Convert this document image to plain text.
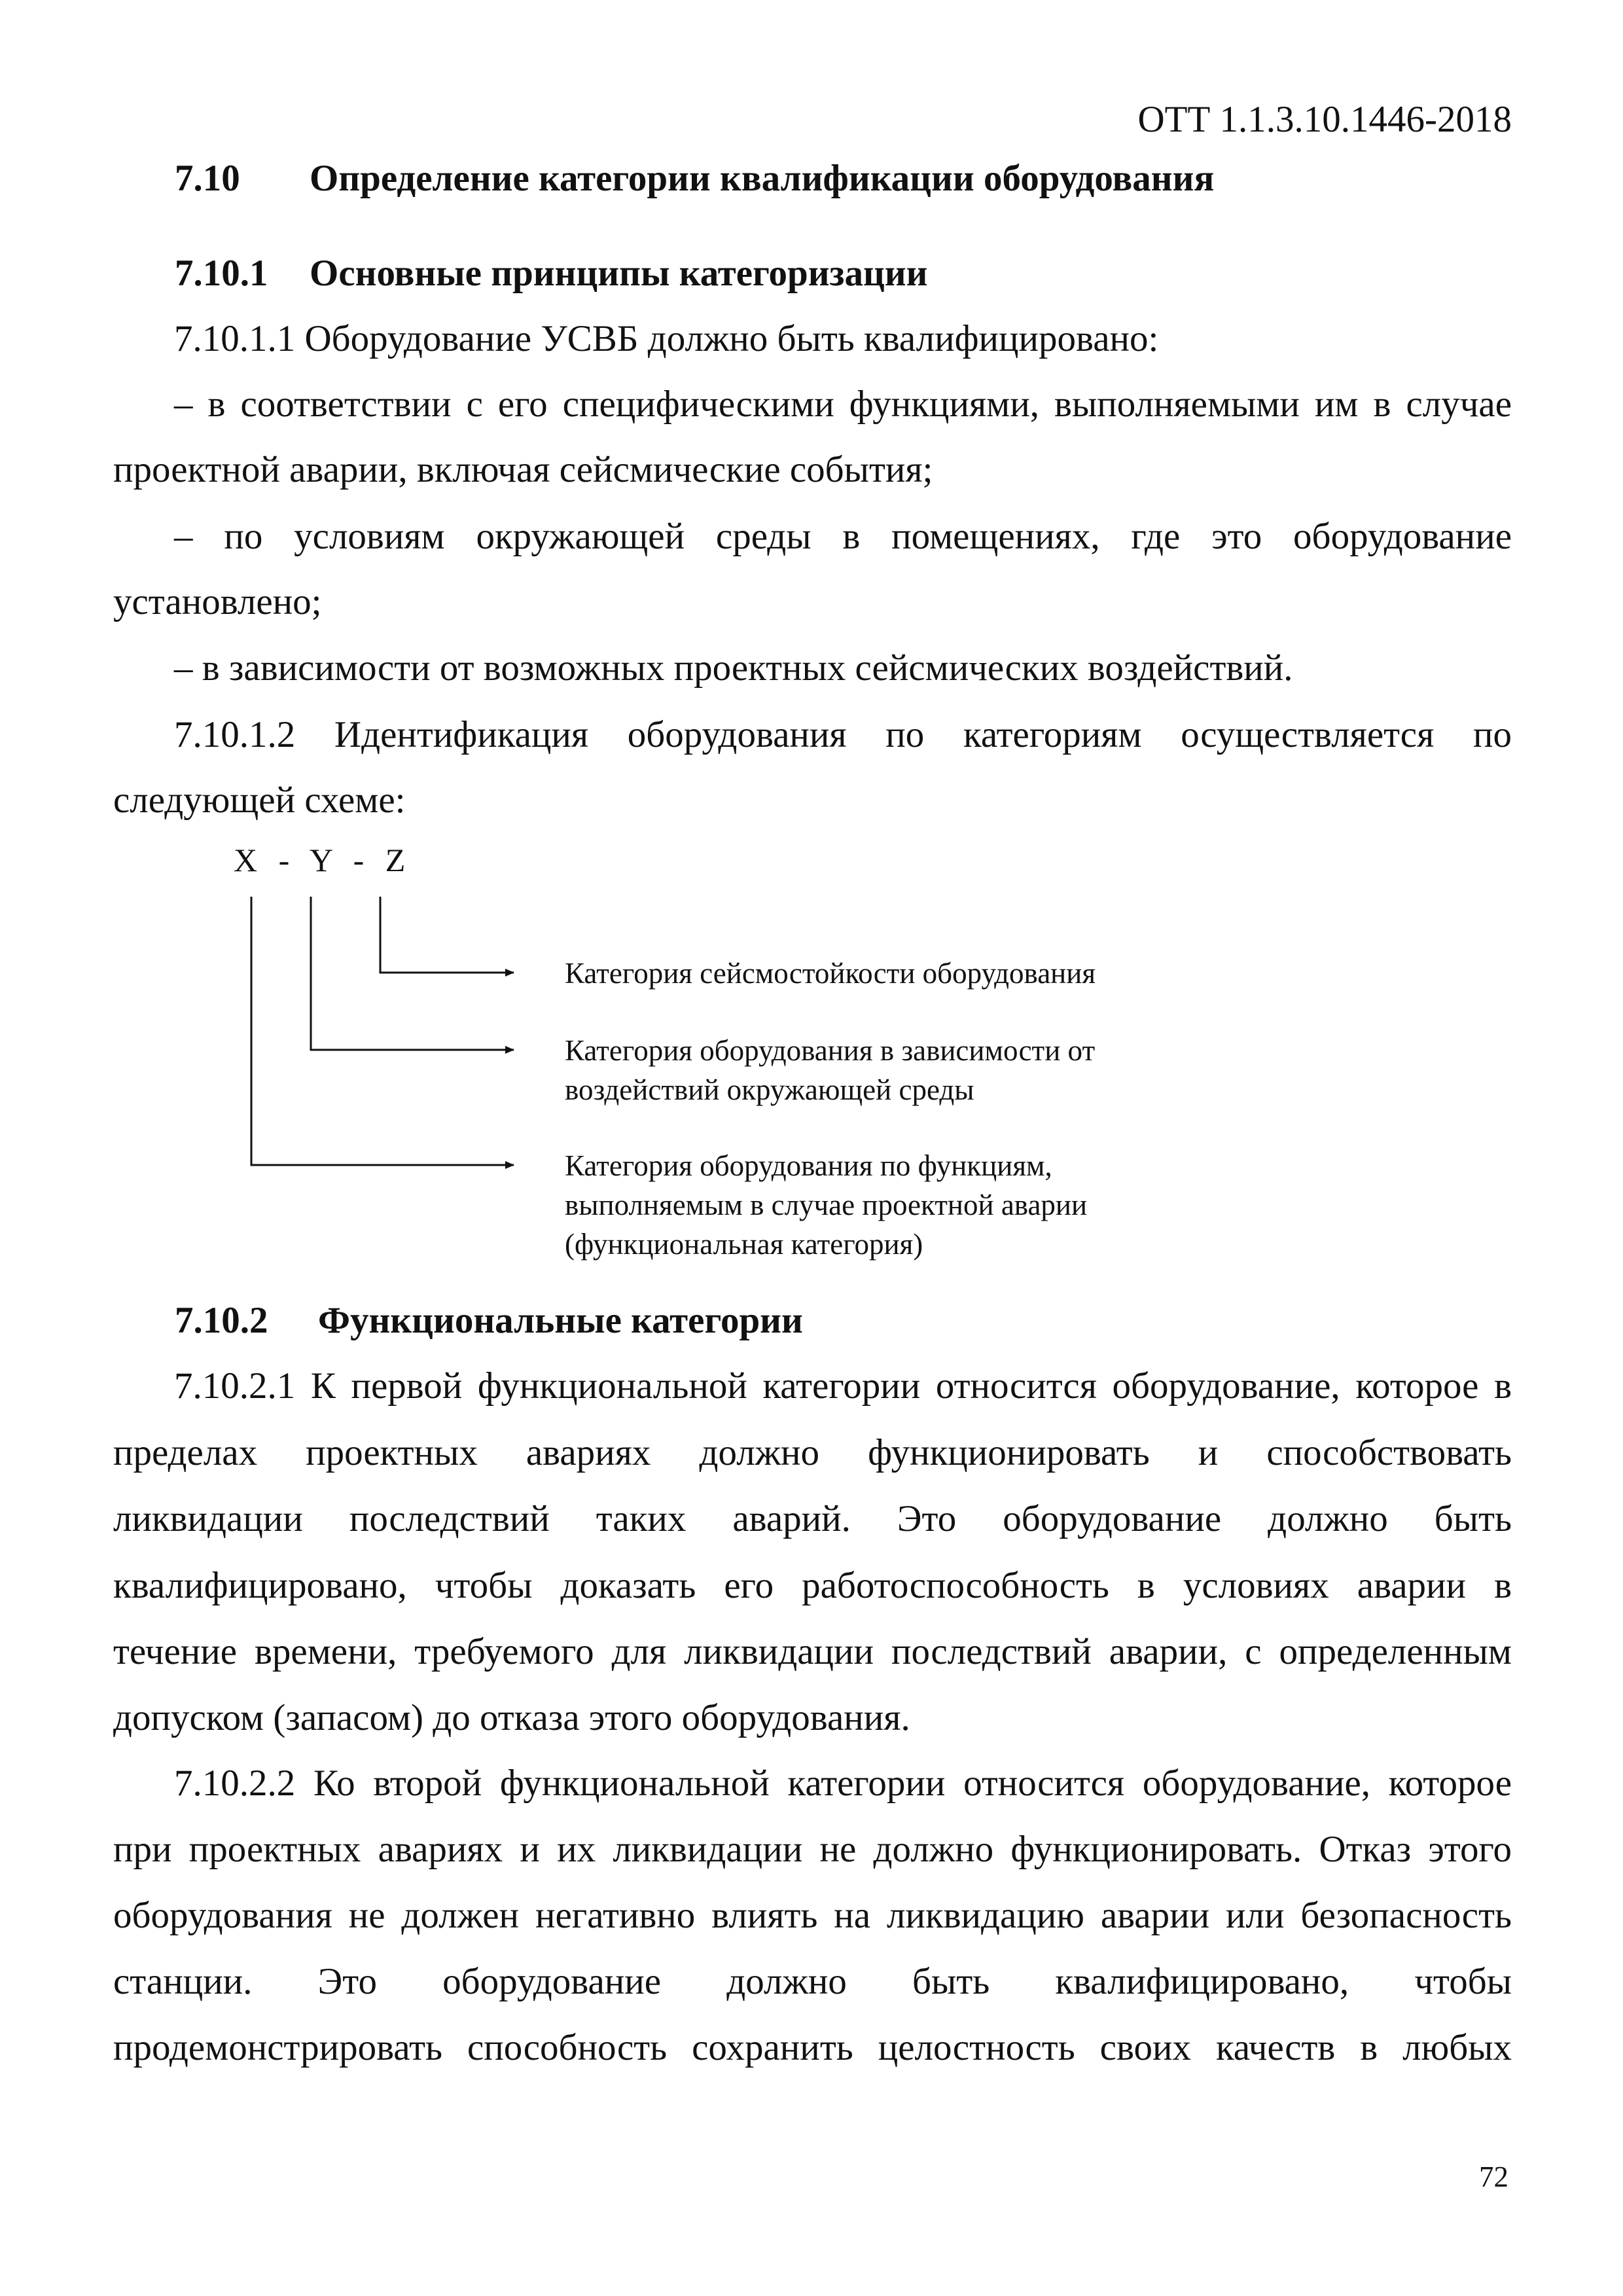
ОТТ 1.1.3.10.1446-2018
7.10 Определение категории квалификации оборудования
7.10.1 Основные принципы категоризации
7.10.1.1 Оборудование УСВБ должно быть квалифицировано:
– в соответствии с его специфическими функциями, выполняемыми им в случае
проектной аварии, включая сейсмические события;
– по условиям окружающей среды в помещениях, где это оборудование
установлено;
– в зависимости от возможных проектных сейсмических воздействий.
7.10.1.2 Идентификация оборудования по категориям осуществляется по
следующей схеме:
X - Y - Z
Категория сейсмостойкости оборудования
Категория оборудования в зависимости от
воздействий окружающей среды
Категория оборудования по функциям,
выполняемым в случае проектной аварии
(функциональная категория)
7.10.2 Функциональные категории
7.10.2.1 К первой функциональной категории относится оборудование, которое в
пределах проектных авариях должно функционировать и способствовать
ликвидации последствий таких аварий. Это оборудование должно быть
квалифицировано, чтобы доказать его работоспособность в условиях аварии в
течение времени, требуемого для ликвидации последствий аварии, с определенным
допуском (запасом) до отказа этого оборудования.
7.10.2.2 Ко второй функциональной категории относится оборудование, которое
при проектных авариях и их ликвидации не должно функционировать. Отказ этого
оборудования не должен негативно влиять на ликвидацию аварии или безопасность
станции. Это оборудование должно быть квалифицировано, чтобы
продемонстрировать способность сохранить целостность своих качеств в любых
72
